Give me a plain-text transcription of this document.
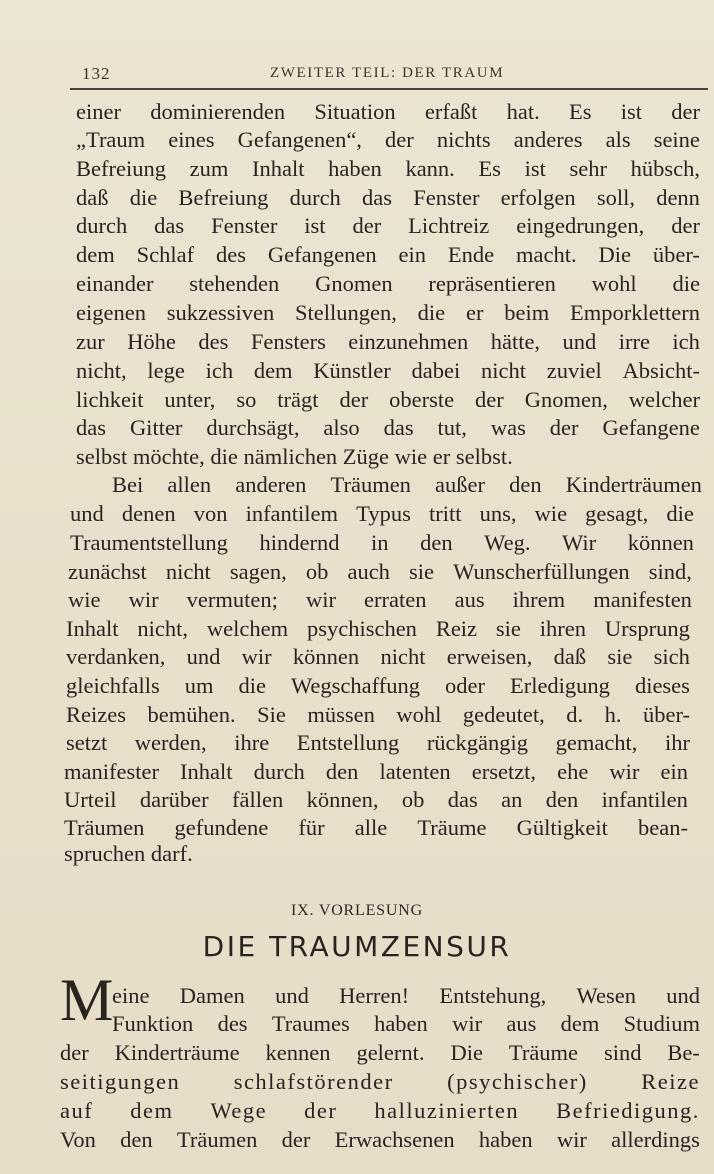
132	ZWEITER TEIL: DER TRAUM
einer dominierenden Situation erfaßt hat. Es ist der
„Traum eines Gefangenen“, der nichts anderes als seine
Befreiung zum Inhalt haben kann. Es ist sehr hübsch,
daß die Befreiung durch das Fenster erfolgen soll, denn
durch das Fenster ist der Lichtreiz eingedrungen, der
dem Schlaf des Gefangenen ein Ende macht. Die über-
einander stehenden Gnomen repräsentieren wohl die
eigenen sukzessiven Stellungen, die er beim Emporklettern
zur Höhe des Fensters einzunehmen hätte, und irre ich
nicht, lege ich dem Künstler dabei nicht zuviel Absicht-
lichkeit unter, so trägt der oberste der Gnomen, welcher
das Gitter durchsägt, also das tut, was der Gefangene
selbst möchte, die nämlichen Züge wie er selbst.
Bei allen anderen Träumen außer den Kinderträumen
und denen von infantilem Typus tritt uns, wie gesagt, die
Traumentstellung hindernd in den Weg. Wir können
zunächst nicht sagen, ob auch sie Wunscherfüllungen sind,
wie wir vermuten; wir erraten aus ihrem manifesten
Inhalt nicht, welchem psychischen Reiz sie ihren Ursprung
verdanken, und wir können nicht erweisen, daß sie sich
gleichfalls um die Wegschaffung oder Erledigung dieses
Reizes bemühen. Sie müssen wohl gedeutet, d. h. über-
setzt werden, ihre Entstellung rückgängig gemacht, ihr
manifester Inhalt durch den latenten ersetzt, ehe wir ein
Urteil darüber fällen können, ob das an den infantilen
Träumen gefundene für alle Träume Gültigkeit bean-
spruchen darf.
IX. VORLESUNG
DIE TRAUMZENSUR
M
eine Damen und Herren! Entstehung, Wesen und
Funktion des Traumes haben wir aus dem Studium
der Kinderträume kennen gelernt. Die Träume sind Be-
seitigungen schlafstörender (psychischer) Reize
auf dem Wege der halluzinierten Befriedigung.
Von den Träumen der Erwachsenen haben wir allerdings
